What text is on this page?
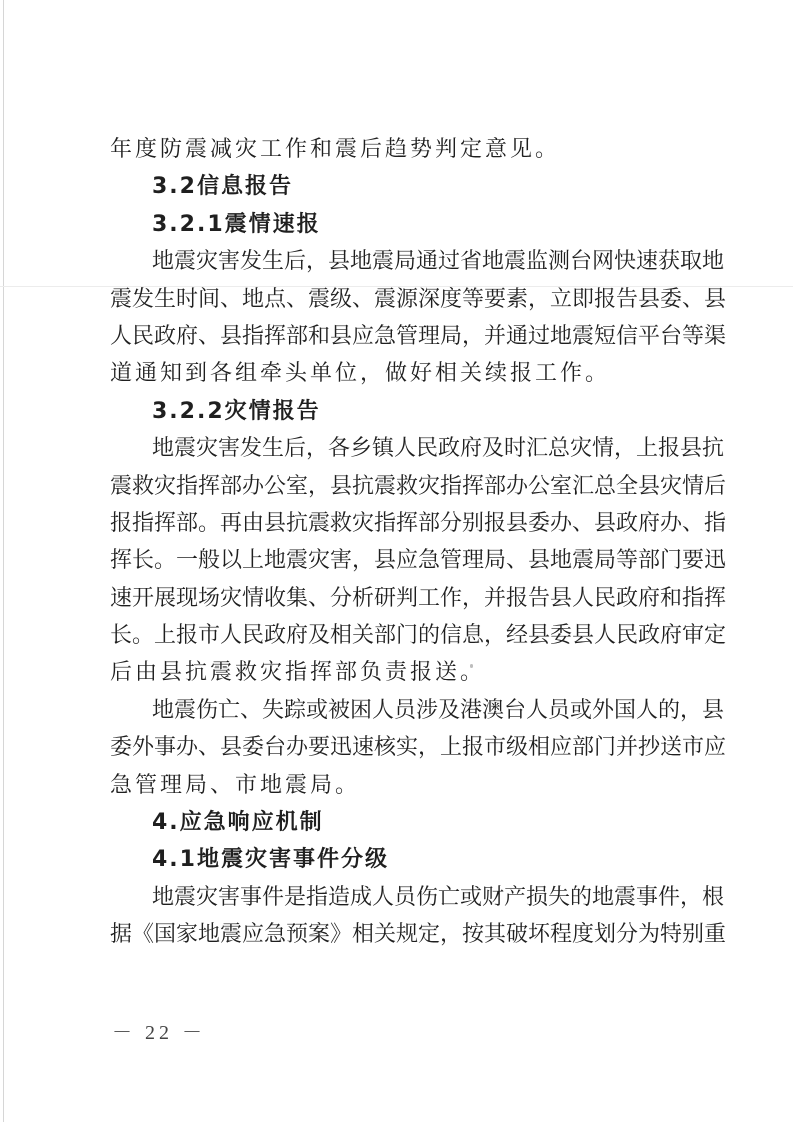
年度防震减灾工作和震后趋势判定意见。
3.2信息报告
3.2.1震情速报
地震灾害发生后，县地震局通过省地震监测台网快速获取地
震发生时间、地点、震级、震源深度等要素，立即报告县委、县
人民政府、县指挥部和县应急管理局，并通过地震短信平台等渠
道通知到各组牵头单位，做好相关续报工作。
3.2.2灾情报告
地震灾害发生后，各乡镇人民政府及时汇总灾情，上报县抗
震救灾指挥部办公室，县抗震救灾指挥部办公室汇总全县灾情后
报指挥部。再由县抗震救灾指挥部分别报县委办、县政府办、指
挥长。一般以上地震灾害，县应急管理局、县地震局等部门要迅
速开展现场灾情收集、分析研判工作，并报告县人民政府和指挥
长。上报市人民政府及相关部门的信息，经县委县人民政府审定
后由县抗震救灾指挥部负责报送。
地震伤亡、失踪或被困人员涉及港澳台人员或外国人的，县
委外事办、县委台办要迅速核实，上报市级相应部门并抄送市应
急管理局、市地震局。
4.应急响应机制
4.1地震灾害事件分级
地震灾害事件是指造成人员伤亡或财产损失的地震事件，根
据《国家地震应急预案》相关规定，按其破坏程度划分为特别重
－ 22 －
